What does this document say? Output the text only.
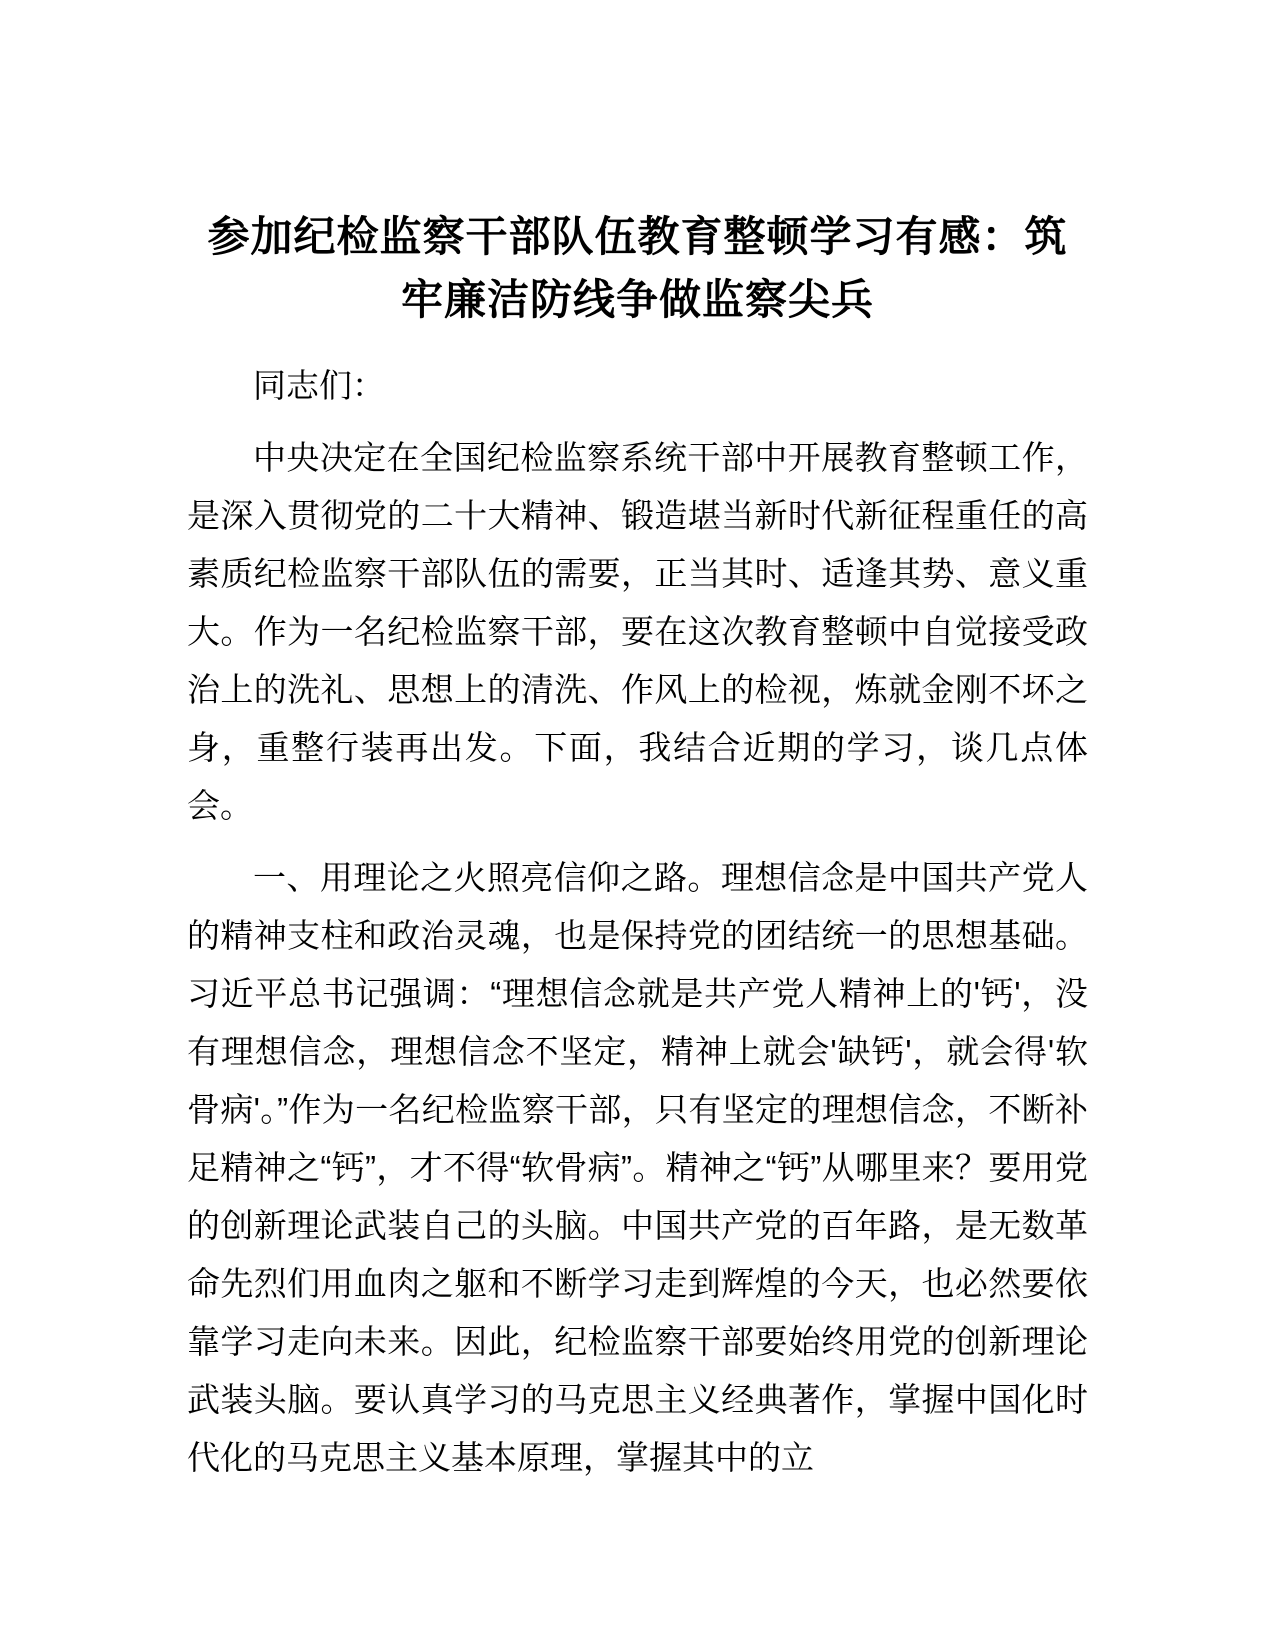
参加纪检监察干部队伍教育整顿学习有感：筑牢廉洁防线争做监察尖兵

同志们：

中央决定在全国纪检监察系统干部中开展教育整顿工作，是深入贯彻党的二十大精神、锻造堪当新时代新征程重任的高素质纪检监察干部队伍的需要，正当其时、适逢其势、意义重大。作为一名纪检监察干部，要在这次教育整顿中自觉接受政治上的洗礼、思想上的清洗、作风上的检视，炼就金刚不坏之身，重整行装再出发。下面，我结合近期的学习，谈几点体会。

一、用理论之火照亮信仰之路。理想信念是中国共产党人的精神支柱和政治灵魂，也是保持党的团结统一的思想基础。习近平总书记强调：“理想信念就是共产党人精神上的'钙'，没有理想信念，理想信念不坚定，精神上就会'缺钙'，就会得'软骨病'。”作为一名纪检监察干部，只有坚定的理想信念，不断补足精神之“钙”，才不得“软骨病”。精神之“钙”从哪里来？要用党的创新理论武装自己的头脑。中国共产党的百年路，是无数革命先烈们用血肉之躯和不断学习走到辉煌的今天，也必然要依靠学习走向未来。因此，纪检监察干部要始终用党的创新理论武装头脑。要认真学习的马克思主义经典著作，掌握中国化时代化的马克思主义基本原理，掌握其中的立
